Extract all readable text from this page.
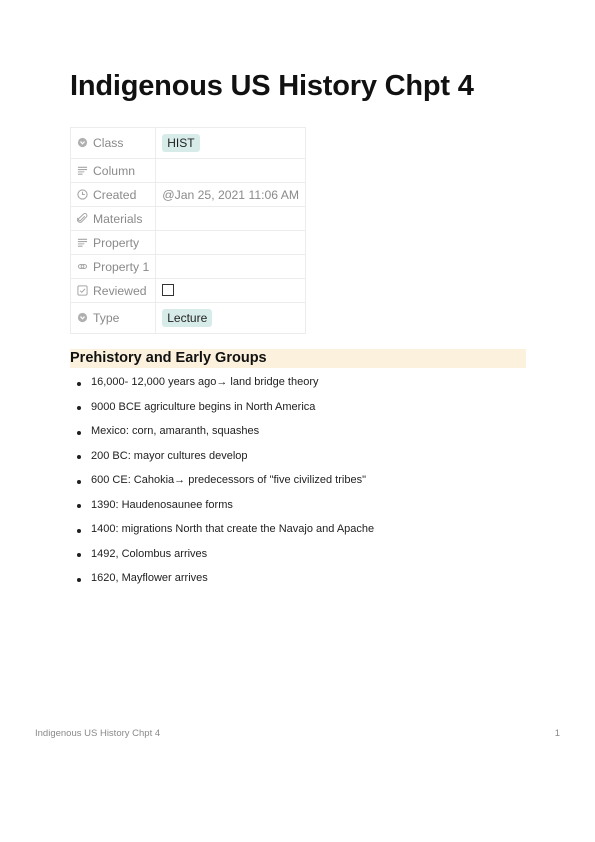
Indigenous US History Chpt 4
Class	HIST

Column	

Created	@Jan 25, 2021 11:06 AM

Materials	

Property	

Property 1	

Reviewed	

Type	Lecture
Prehistory and Early Groups
16,000- 12,000 years ago→ land bridge theory
9000 BCE agriculture begins in North America
Mexico: corn, amaranth, squashes
200 BC: mayor cultures develop
600 CE: Cahokia→ predecessors of "five civilized tribes"
1390: Haudenosaunee forms
1400: migrations North that create the Navajo and Apache
1492, Colombus arrives
1620, Mayflower arrives
Indigenous US History Chpt 4	1
